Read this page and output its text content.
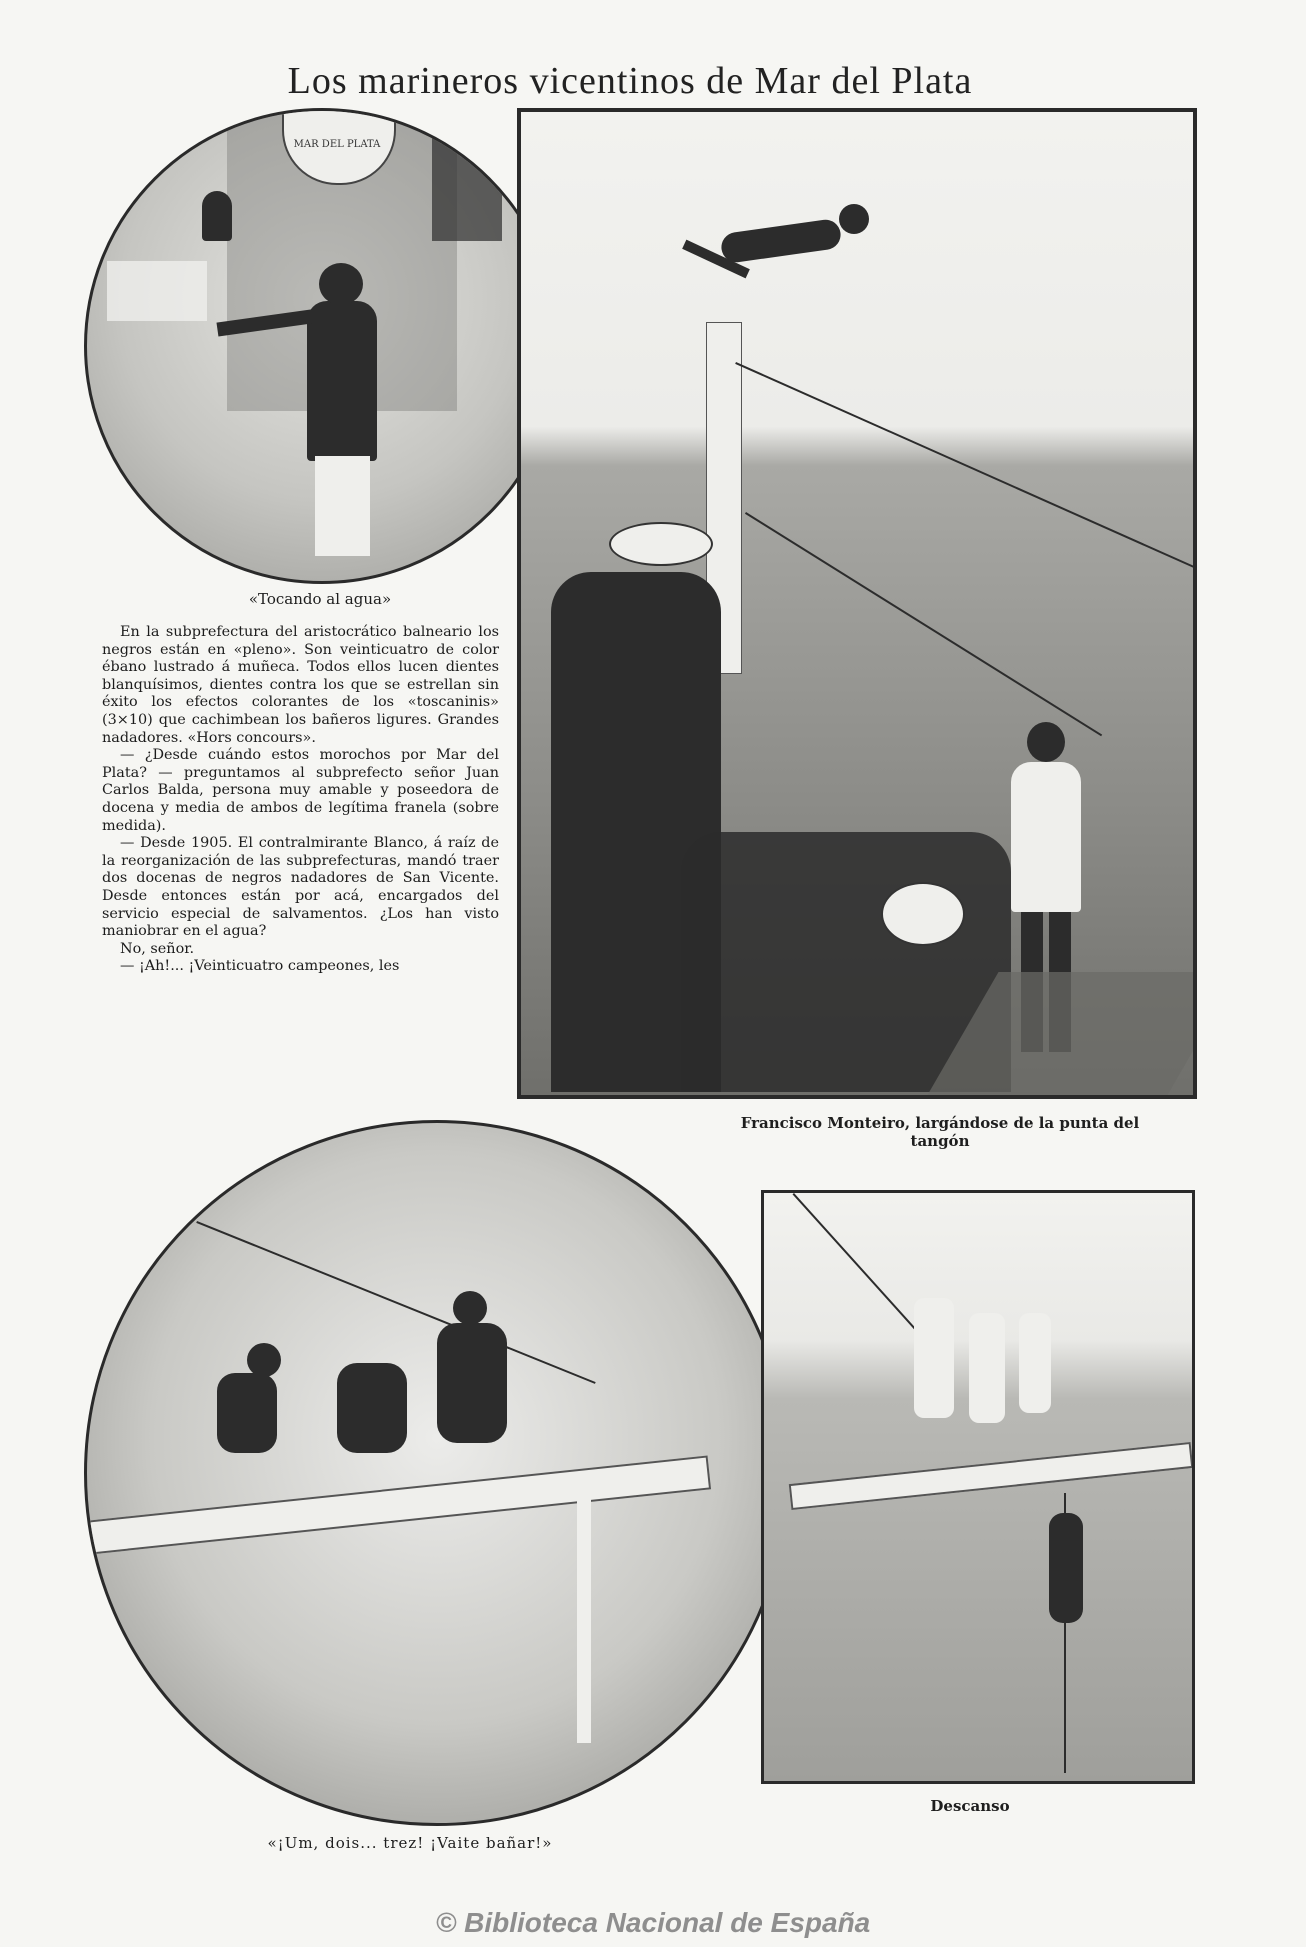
Los marineros vicentinos de Mar del Plata
MAR DEL PLATA
«Tocando al agua»
Francisco Monteiro, largándose de la punta del tangón

En la subprefectura del aristocrático balneario los negros están en «pleno». Son veinticuatro de color ébano lustrado á muñeca. Todos ellos lucen dientes blanquísimos, dientes contra los que se estrellan sin éxito los efectos colorantes de los «toscaninis» (3×10) que cachimbean los bañeros ligures. Grandes nadadores. «Hors concours».

— ¿Desde cuándo estos morochos por Mar del Plata? — preguntamos al subprefecto señor Juan Carlos Balda, persona muy amable y poseedora de docena y media de ambos de legítima franela (sobre medida).

— Desde 1905. El contralmirante Blanco, á raíz de la reorganización de las subprefecturas, mandó traer dos docenas de negros nadadores de San Vicente. Desde entonces están por acá, encargados del servicio especial de salvamentos. ¿Los han visto maniobrar en el agua?

No, señor.

— ¡Ah!... ¡Veinticuatro campeones, les

«¡Um, dois... trez! ¡Vaite bañar!»
Descanso
© Biblioteca Nacional de España
